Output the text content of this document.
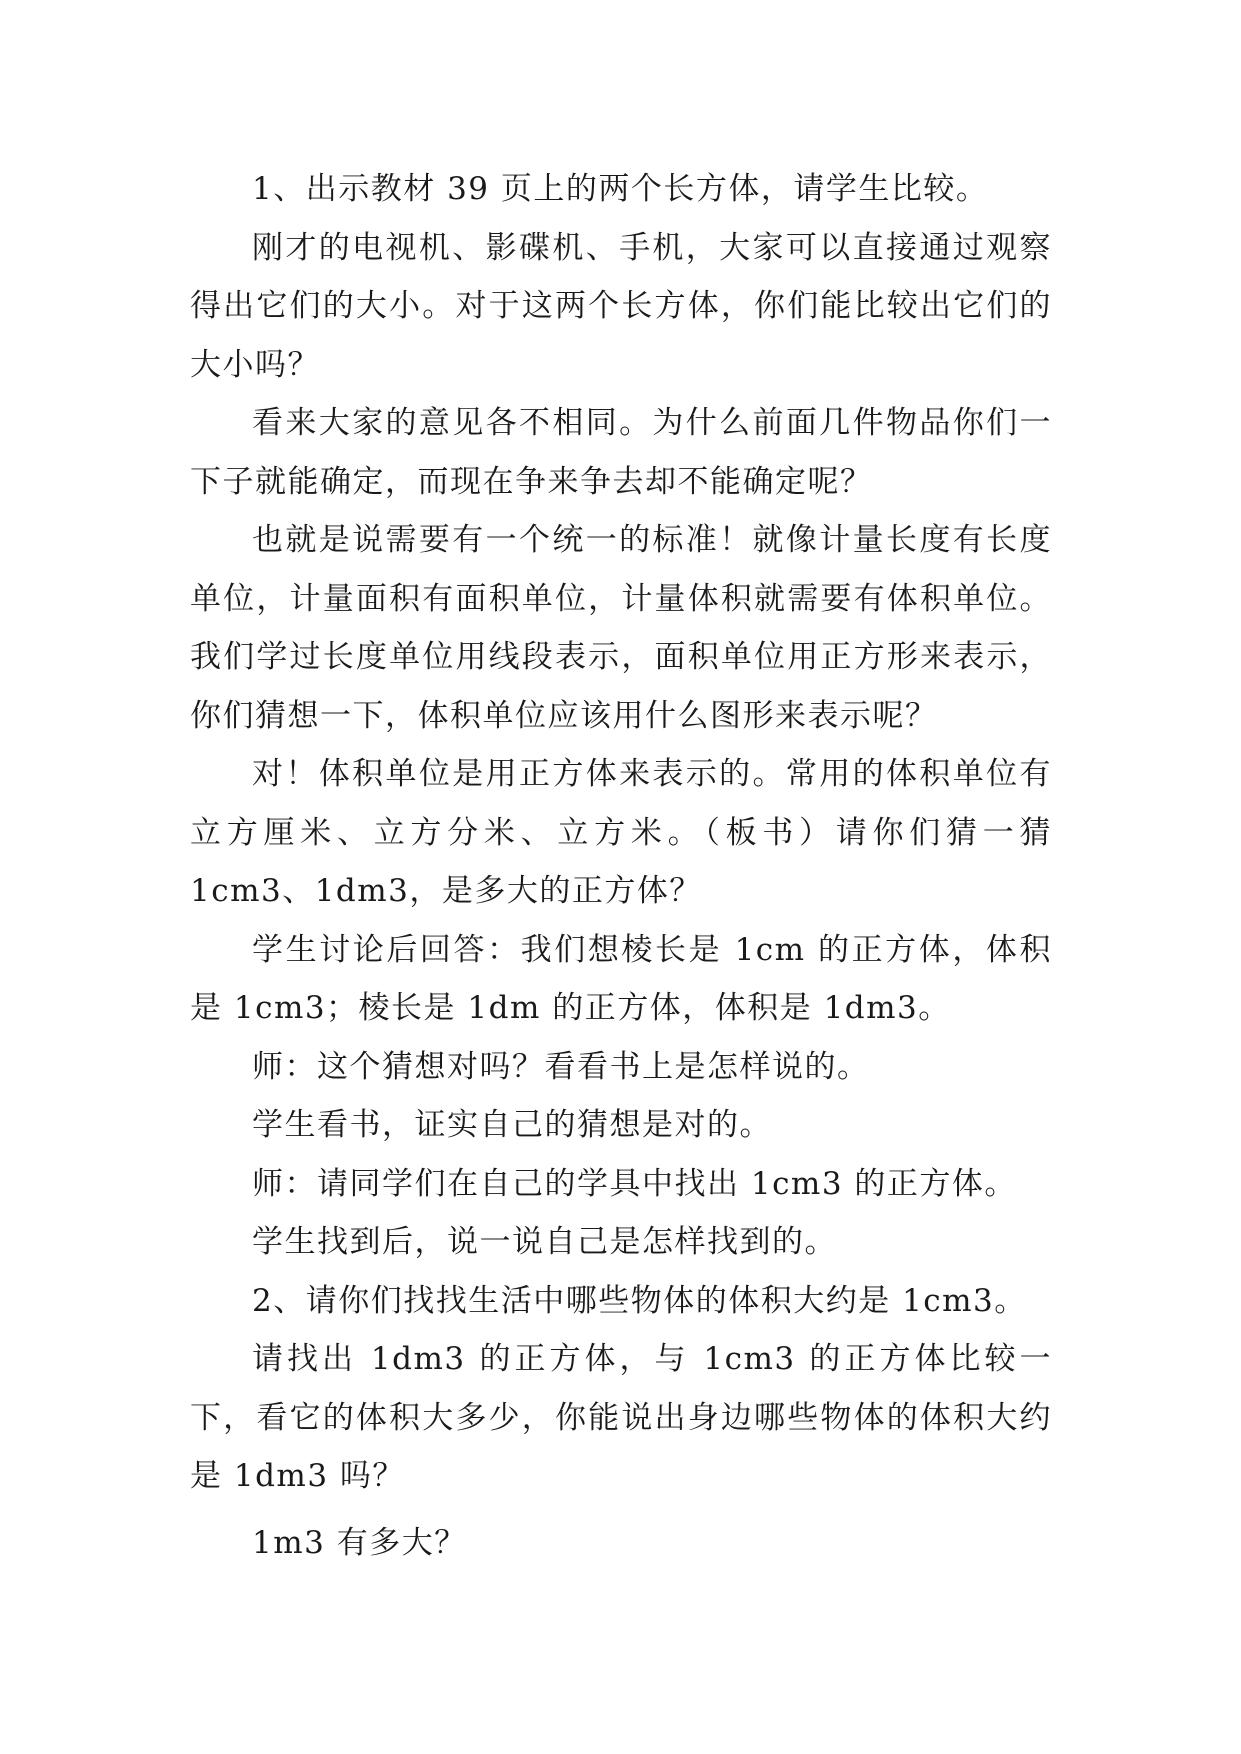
1、出示教材 39 页上的两个长方体，请学生比较。

刚才的电视机、影碟机、手机，大家可以直接通过观察得出它们的大小。对于这两个长方体，你们能比较出它们的大小吗？

看来大家的意见各不相同。为什么前面几件物品你们一下子就能确定，而现在争来争去却不能确定呢？

也就是说需要有一个统一的标准！就像计量长度有长度单位，计量面积有面积单位，计量体积就需要有体积单位。我们学过长度单位用线段表示，面积单位用正方形来表示，你们猜想一下，体积单位应该用什么图形来表示呢？

对！体积单位是用正方体来表示的。常用的体积单位有立方厘米、立方分米、立方米。（板书）请你们猜一猜 1cm3、1dm3，是多大的正方体？

学生讨论后回答：我们想棱长是 1cm 的正方体，体积是 1cm3；棱长是 1dm 的正方体，体积是 1dm3。

师：这个猜想对吗？看看书上是怎样说的。

学生看书，证实自己的猜想是对的。

师：请同学们在自己的学具中找出 1cm3 的正方体。

学生找到后，说一说自己是怎样找到的。

2、请你们找找生活中哪些物体的体积大约是 1cm3。

请找出 1dm3 的正方体，与 1cm3 的正方体比较一下，看它的体积大多少，你能说出身边哪些物体的体积大约是 1dm3 吗？

1m3 有多大？
